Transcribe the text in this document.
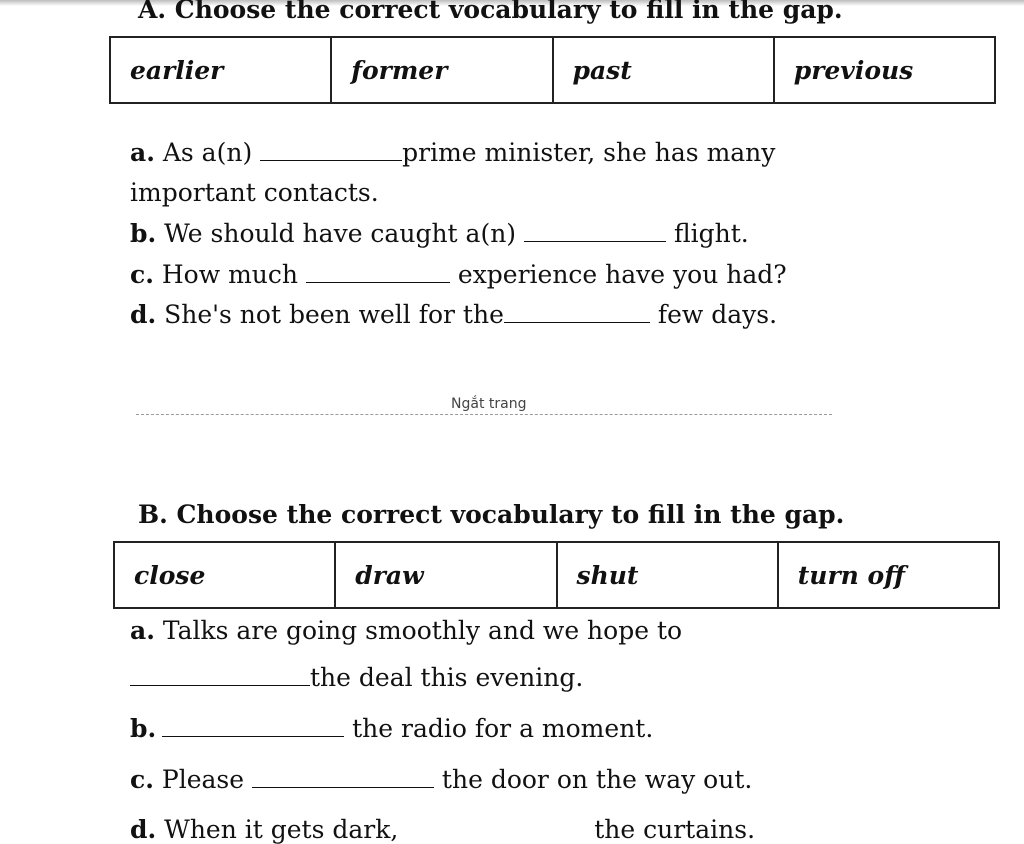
A. Choose the correct vocabulary to fill in the gap.
earlier	former	past	previous
a. As a(n)	prime minister, she has many
important contacts.
b. We should have caught a(n)	flight.
c. How much	experience have you had?
d. She's not been well for the	few days.
Ngắt trang
B. Choose the correct vocabulary to fill in the gap.
close	draw	shut	turn off
a. Talks are going smoothly and we hope to
the deal this evening.
b.	the radio for a moment.
c. Please	the door on the way out.
d. When it gets dark,	the curtains.
